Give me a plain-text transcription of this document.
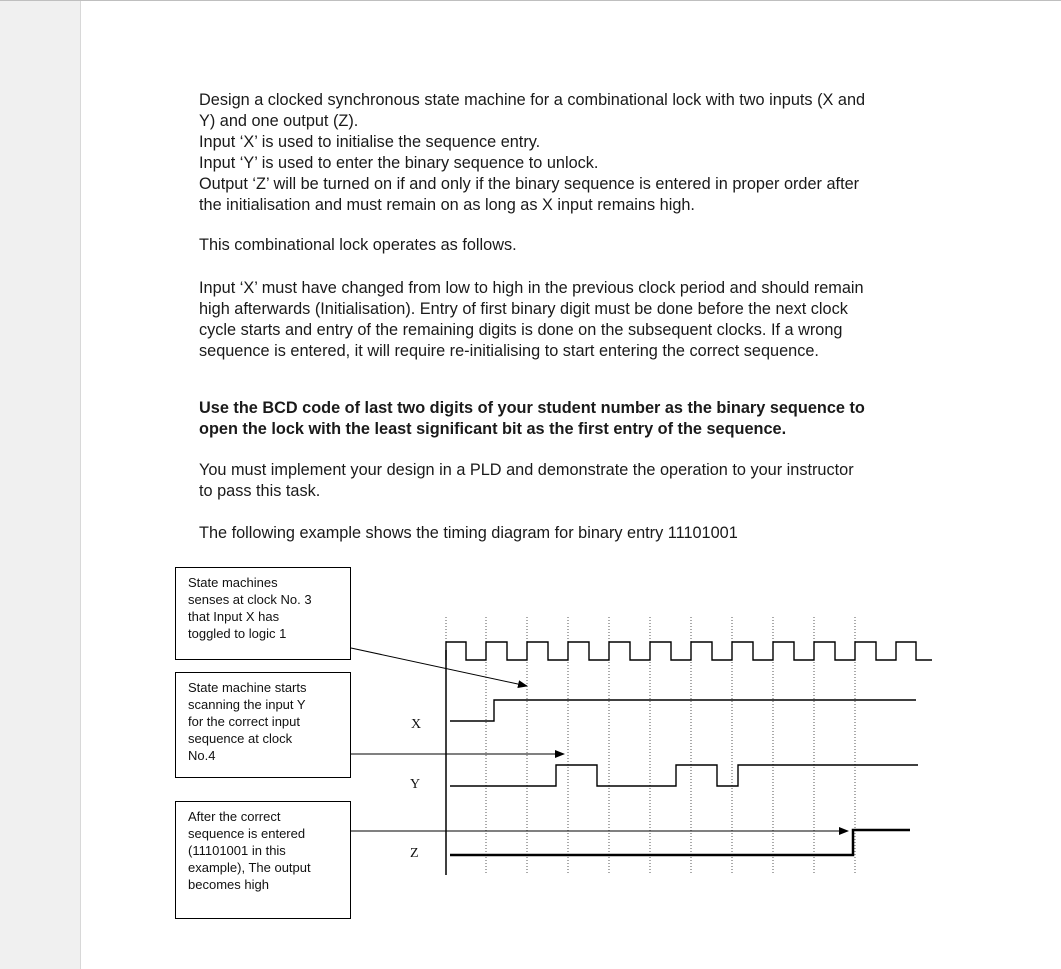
Design a clocked synchronous state machine for a combinational lock with two inputs (X and
Y) and one output (Z).
Input ‘X’ is used to initialise the sequence entry.
Input ‘Y’ is used to enter the binary sequence to unlock.
Output ‘Z’ will be turned on if and only if the binary sequence is entered in proper order after
the initialisation and must remain on as long as X input remains high.
This combinational lock operates as follows.
Input ‘X’ must have changed from low to high in the previous clock period and should remain
high afterwards (Initialisation). Entry of first binary digit must be done before the next clock
cycle starts and entry of the remaining digits is done on the subsequent clocks. If a wrong
sequence is entered, it will require re-initialising to start entering the correct sequence.
Use the BCD code of last two digits of your student number as the binary sequence to
open the lock with the least significant bit as the first entry of the sequence.
You must implement your design in a PLD and demonstrate the operation to your instructor
to pass this task.
The following example shows the timing diagram for binary entry 11101001
X
Y
Z
State machines
senses at clock No. 3
that Input X has
toggled to logic 1
State machine starts
scanning the input Y
for the correct input
sequence at clock
No.4
After the correct
sequence is entered
(11101001 in this
example), The output
becomes high
